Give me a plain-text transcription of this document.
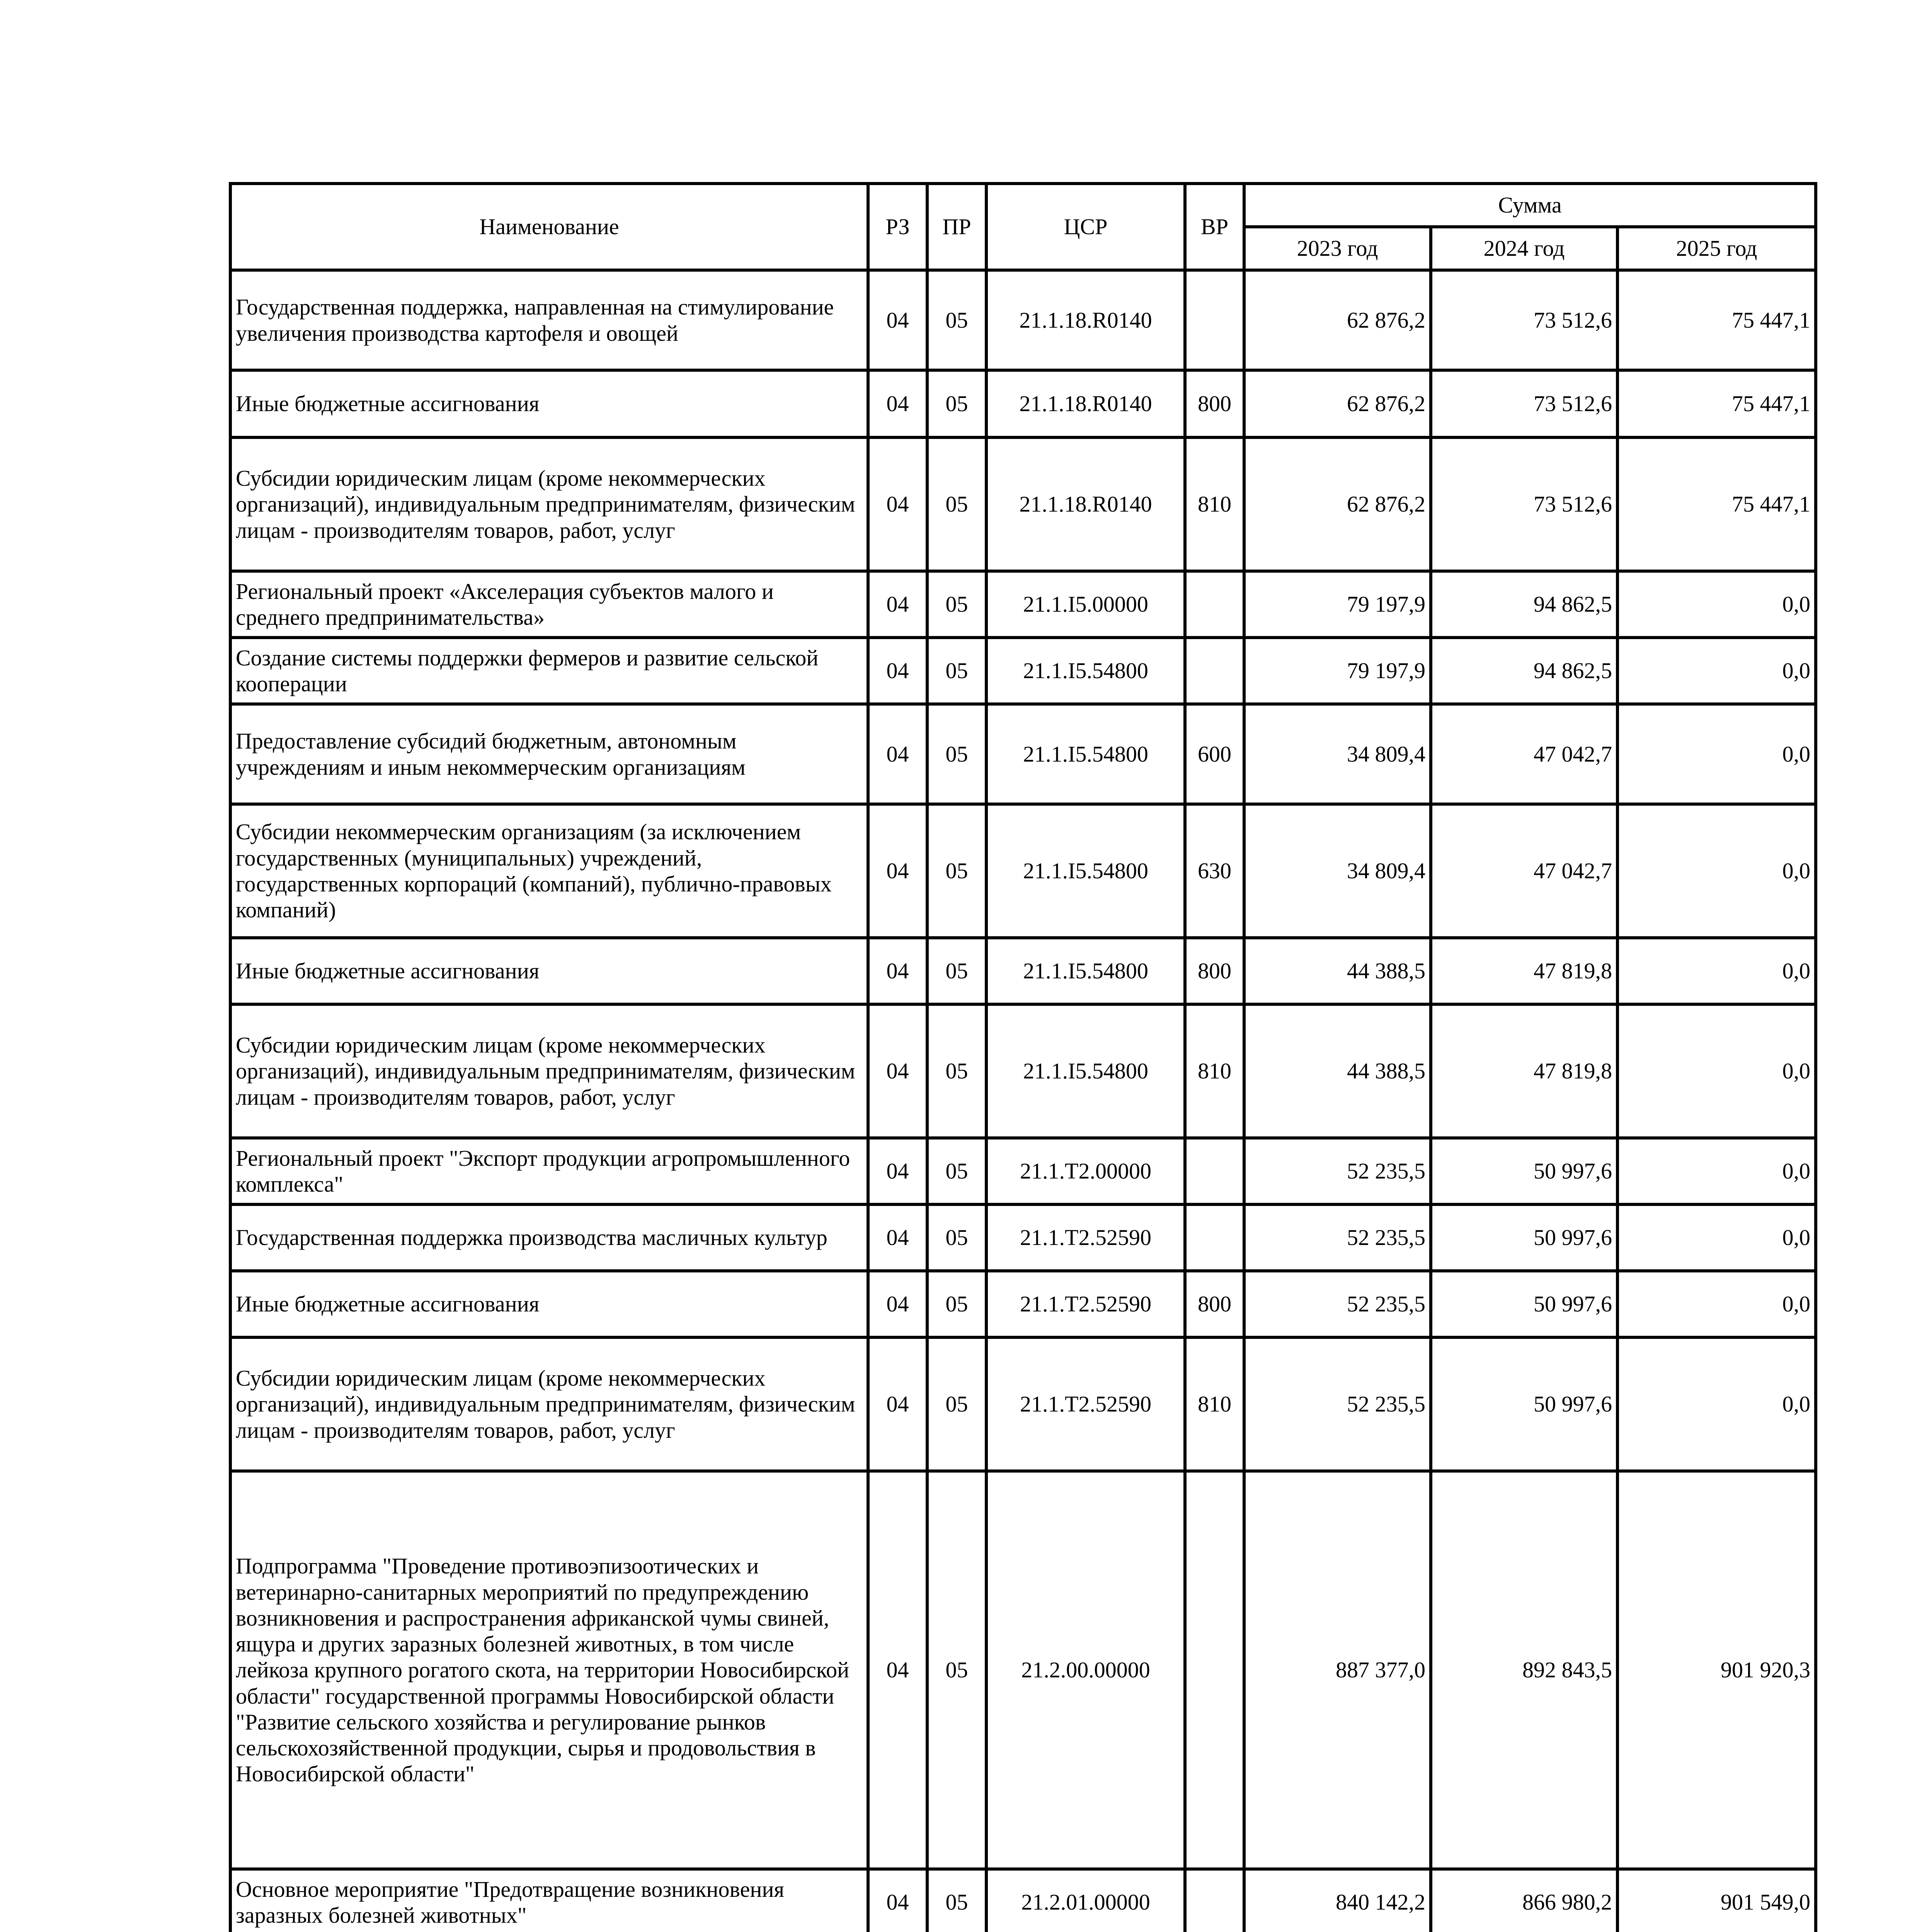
Наименование	РЗ	ПР	ЦСР	ВР	Сумма		
					2023 год	2024 год	2025 год
Государственная поддержка, направленная на стимулирование увеличения производства картофеля и овощей	04	05	21.1.18.R0140		62 876,2	73 512,6	75 447,1
Иные бюджетные ассигнования	04	05	21.1.18.R0140	800	62 876,2	73 512,6	75 447,1
Субсидии юридическим лицам (кроме некоммерческих организаций), индивидуальным предпринимателям, физическим лицам - производителям товаров, работ, услуг	04	05	21.1.18.R0140	810	62 876,2	73 512,6	75 447,1
Региональный проект «Акселерация субъектов малого и среднего предпринимательства»	04	05	21.1.I5.00000		79 197,9	94 862,5	0,0
Создание системы поддержки фермеров и развитие сельской кооперации	04	05	21.1.I5.54800		79 197,9	94 862,5	0,0
Предоставление субсидий бюджетным, автономным учреждениям и иным некоммерческим организациям	04	05	21.1.I5.54800	600	34 809,4	47 042,7	0,0
Субсидии некоммерческим организациям (за исключением государственных (муниципальных) учреждений, государственных корпораций (компаний), публично-правовых компаний)	04	05	21.1.I5.54800	630	34 809,4	47 042,7	0,0
Иные бюджетные ассигнования	04	05	21.1.I5.54800	800	44 388,5	47 819,8	0,0
Субсидии юридическим лицам (кроме некоммерческих организаций), индивидуальным предпринимателям, физическим лицам - производителям товаров, работ, услуг	04	05	21.1.I5.54800	810	44 388,5	47 819,8	0,0
Региональный проект "Экспорт продукции агропромышленного комплекса"	04	05	21.1.T2.00000		52 235,5	50 997,6	0,0
Государственная поддержка производства масличных культур	04	05	21.1.T2.52590		52 235,5	50 997,6	0,0
Иные бюджетные ассигнования	04	05	21.1.T2.52590	800	52 235,5	50 997,6	0,0
Субсидии юридическим лицам (кроме некоммерческих организаций), индивидуальным предпринимателям, физическим лицам - производителям товаров, работ, услуг	04	05	21.1.T2.52590	810	52 235,5	50 997,6	0,0
Подпрограмма "Проведение противоэпизоотических и ветеринарно-санитарных мероприятий по предупреждению возникновения и распространения африканской чумы свиней, ящура и других заразных болезней животных, в том числе лейкоза крупного рогатого скота, на территории Новосибирской области" государственной программы Новосибирской области "Развитие сельского хозяйства и регулирование рынков сельскохозяйственной продукции, сырья и продовольствия в Новосибирской области"	04	05	21.2.00.00000		887 377,0	892 843,5	901 920,3
Основное мероприятие "Предотвращение возникновения заразных болезней животных"	04	05	21.2.01.00000		840 142,2	866 980,2	901 549,0
